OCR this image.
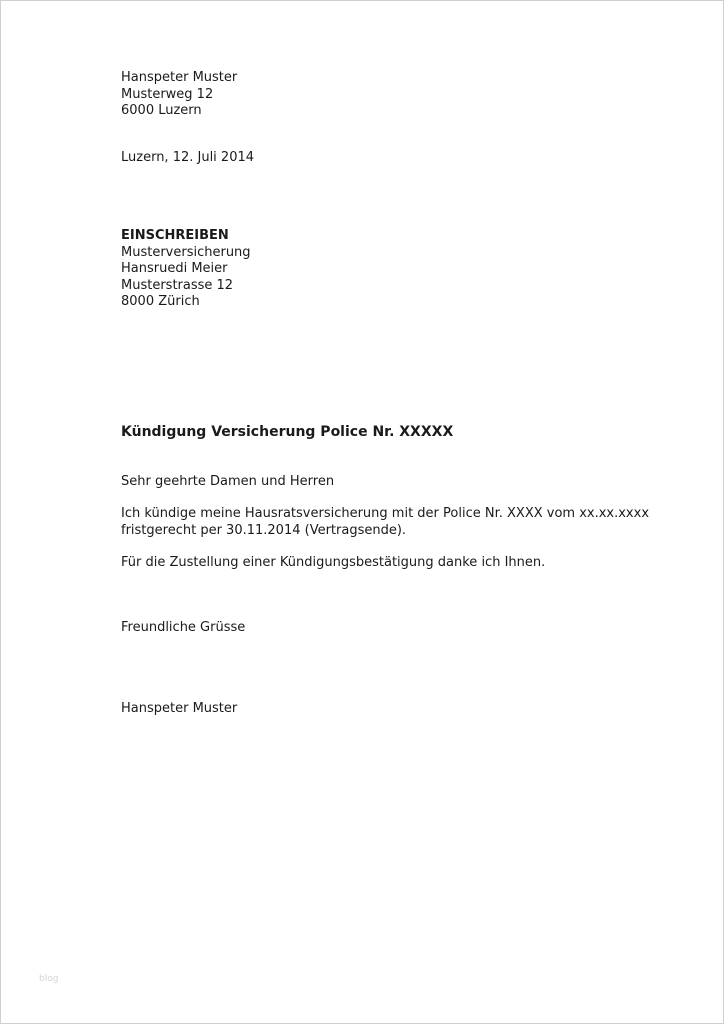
Hanspeter Muster
Musterweg 12
6000 Luzern
Luzern, 12. Juli 2014
EINSCHREIBEN
Musterversicherung
Hansruedi Meier
Musterstrasse 12
8000 Zürich
Kündigung Versicherung Police Nr. XXXXX
Sehr geehrte Damen und Herren
Ich kündige meine Hausratsversicherung mit der Police Nr. XXXX vom xx.xx.xxxx
fristgerecht per 30.11.2014 (Vertragsende).
Für die Zustellung einer Kündigungsbestätigung danke ich Ihnen.
Freundliche Grüsse
Hanspeter Muster
blog
